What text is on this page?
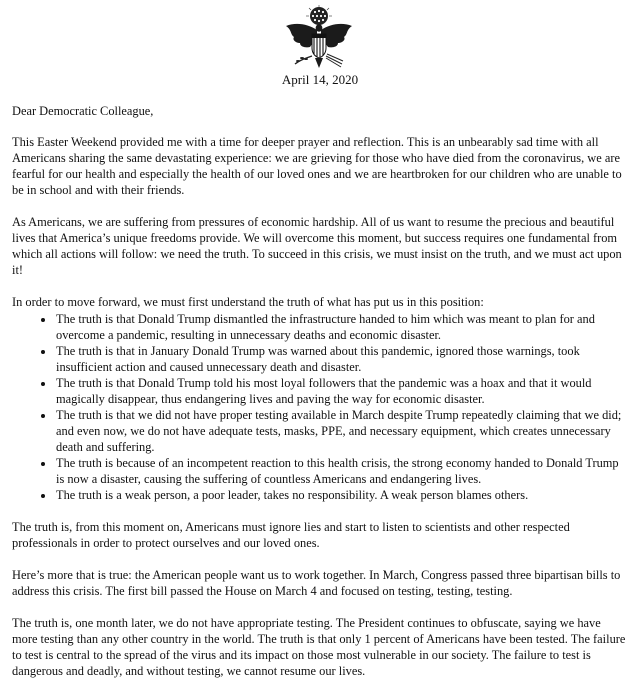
April 14, 2020

Dear Democratic Colleague,

This Easter Weekend provided me with a time for deeper prayer and reflection. This is an unbearably sad time with all Americans sharing the same devastating experience: we are grieving for those who have died from the coronavirus, we are fearful for our health and especially the health of our loved ones and we are heartbroken for our children who are unable to be in school and with their friends.

As Americans, we are suffering from pressures of economic hardship. All of us want to resume the precious and beautiful lives that America’s unique freedoms provide. We will overcome this moment, but success requires one fundamental from which all actions will follow: we need the truth. To succeed in this crisis, we must insist on the truth, and we must act upon it!

In order to move forward, we must first understand the truth of what has put us in this position:

• The truth is that Donald Trump dismantled the infrastructure handed to him which was meant to plan for and overcome a pandemic, resulting in unnecessary deaths and economic disaster.
• The truth is that in January Donald Trump was warned about this pandemic, ignored those warnings, took insufficient action and caused unnecessary death and disaster.
• The truth is that Donald Trump told his most loyal followers that the pandemic was a hoax and that it would magically disappear, thus endangering lives and paving the way for economic disaster.
• The truth is that we did not have proper testing available in March despite Trump repeatedly claiming that we did; and even now, we do not have adequate tests, masks, PPE, and necessary equipment, which creates unnecessary death and suffering.
• The truth is because of an incompetent reaction to this health crisis, the strong economy handed to Donald Trump is now a disaster, causing the suffering of countless Americans and endangering lives.
• The truth is a weak person, a poor leader, takes no responsibility. A weak person blames others.

The truth is, from this moment on, Americans must ignore lies and start to listen to scientists and other respected professionals in order to protect ourselves and our loved ones.

Here’s more that is true: the American people want us to work together. In March, Congress passed three bipartisan bills to address this crisis. The first bill passed the House on March 4 and focused on testing, testing, testing.

The truth is, one month later, we do not have appropriate testing. The President continues to obfuscate, saying we have more testing than any other country in the world. The truth is that only 1 percent of Americans have been tested. The failure to test is central to the spread of the virus and its impact on those most vulnerable in our society. The failure to test is dangerous and deadly, and without testing, we cannot resume our lives.
